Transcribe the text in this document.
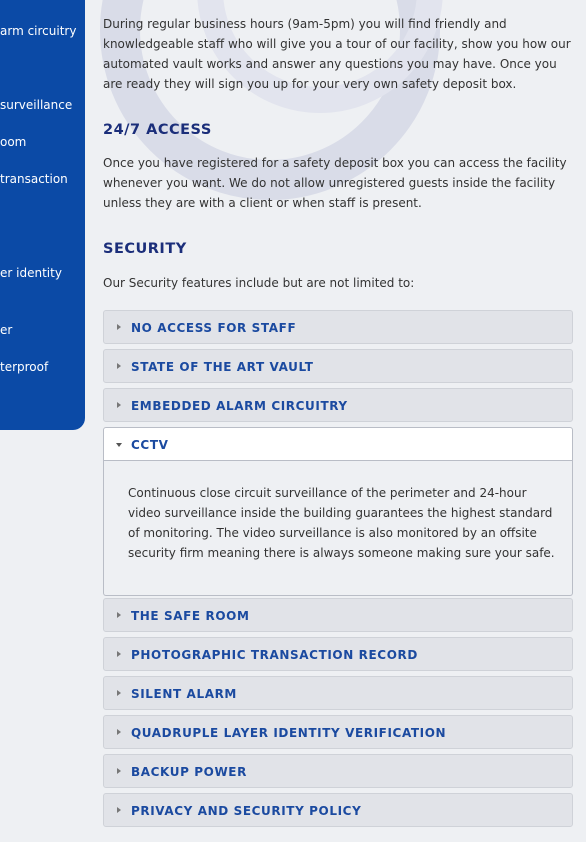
arm circuitry
surveillance
oom
transaction
er identity
er
terproof

During regular business hours (9am-5pm) you will find friendly and knowledgeable staff who will give you a tour of our facility, show you how our automated vault works and answer any questions you may have. Once you are ready they will sign you up for your very own safety deposit box.

24/7 ACCESS

Once you have registered for a safety deposit box you can access the facility whenever you want. We do not allow unregistered guests inside the facility unless they are with a client or when staff is present.

SECURITY

Our Security features include but are not limited to:

NO ACCESS FOR STAFF
STATE OF THE ART VAULT
EMBEDDED ALARM CIRCUITRY
CCTV

Continuous close circuit surveillance of the perimeter and 24-hour video surveillance inside the building guarantees the highest standard of monitoring. The video surveillance is also monitored by an offsite security firm meaning there is always someone making sure your safe.

THE SAFE ROOM
PHOTOGRAPHIC TRANSACTION RECORD
SILENT ALARM
QUADRUPLE LAYER IDENTITY VERIFICATION
BACKUP POWER
PRIVACY AND SECURITY POLICY
